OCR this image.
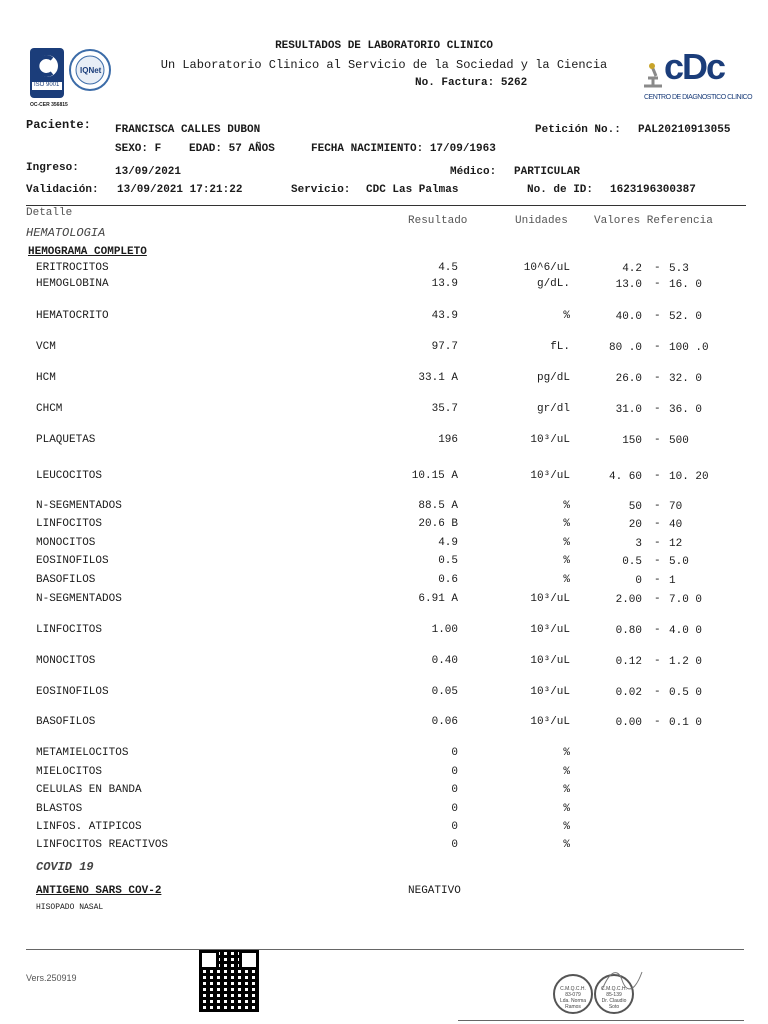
ISO 9001
IQNet
OC-CER 356815
RESULTADOS DE LABORATORIO CLINICO
Un Laboratorio Clinico al Servicio de la Sociedad y la Ciencia
No. Factura: 5262	cDc
CENTRO DE DIAGNOSTICO CLINICO
Paciente: FRANCISCA CALLES DUBON	Petición No.: PAL20210913055
SEXO: F	EDAD: 57 AÑOS	FECHA NACIMIENTO: 17/09/1963
Ingreso:	13/09/2021	Médico: PARTICULAR
Validación: 13/09/2021 17:21:22	Servicio: CDC Las Palmas	No. de ID: 1623196300387
Detalle
Resultado	Unidades Valores Referencia
HEMATOLOGIA
HEMOGRAMA COMPLETO
ERITROCITOS	4.5	10^6/uL	4.2 - 5.3
HEMOGLOBINA	13.9	g/dL.	13.0 - 16. 0
HEMATOCRITO	43.9	%	40.0 - 52. 0
VCM	97.7	fL.	80 .0 - 100 .0
HCM	33.1 A	pg/dL	26.0 - 32. 0
CHCM	35.7	gr/dl	31.0 - 36. 0
PLAQUETAS	196	10³/uL	150 - 500
LEUCOCITOS	10.15 A	10³/uL	4. 60 - 10. 20
N-SEGMENTADOS	88.5 A	%	50 - 70
LINFOCITOS	20.6 B	%	20 - 40
MONOCITOS	4.9	%	3 - 12
EOSINOFILOS	0.5	%	0.5 - 5.0
BASOFILOS	0.6	%	0 - 1
N-SEGMENTADOS	6.91 A	10³/uL	2.00 - 7.0 0
LINFOCITOS	1.00	10³/uL	0.80 - 4.0 0
MONOCITOS	0.40	10³/uL	0.12 - 1.2 0
EOSINOFILOS	0.05	10³/uL	0.02 - 0.5 0
BASOFILOS	0.06	10³/uL	0.00 - 0.1 0
METAMIELOCITOS	0	%
MIELOCITOS	0	%
CELULAS EN BANDA	0	%
BLASTOS	0	%
LINFOS. ATIPICOS	0	%
LINFOCITOS REACTIVOS	0	%
COVID 19
ANTIGENO SARS COV-2	NEGATIVO
HISOPADO NASAL
Vers.250919
C.M.Q.C.H.
83-079
Lda. Norma Ramos
C.M.Q.C.H.
85-139
Dr. Claudio Soto
